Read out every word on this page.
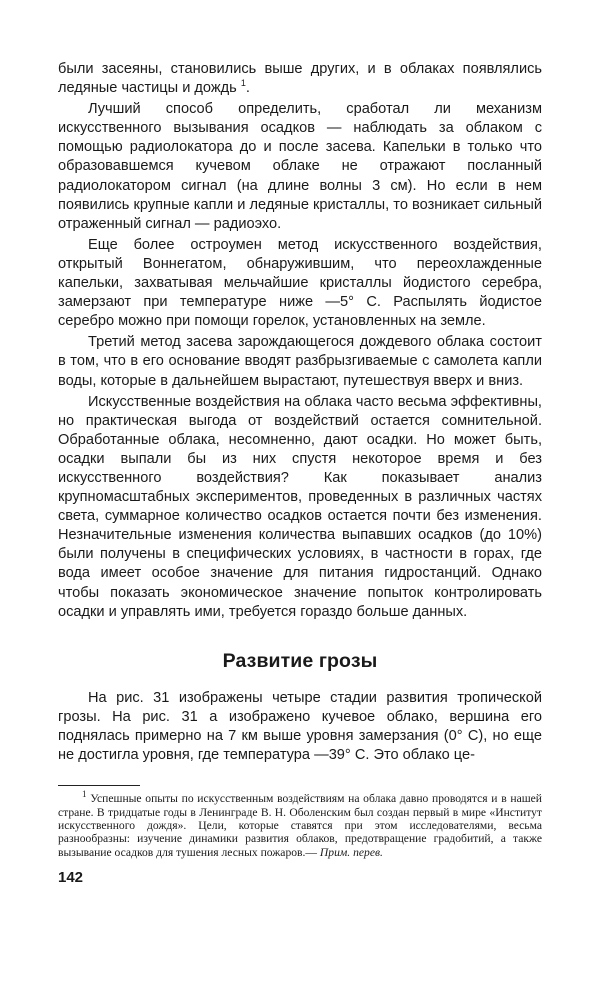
были засеяны, становились выше других, и в облаках появлялись ледяные частицы и дождь $^1$.

Лучший способ определить, сработал ли механизм искусственного вызывания осадков — наблюдать за облаком с помощью радиолокатора до и после засева. Капельки в только что образовавшемся кучевом облаке не отражают посланный радиолокатором сигнал (на длине волны 3 см). Но если в нем появились крупные капли и ледяные кристаллы, то возникает сильный отраженный сигнал — радиоэхо.

Еще более остроумен метод искусственного воздействия, открытый Воннегатом, обнаружившим, что переохлажденные капельки, захватывая мельчайшие кристаллы йодистого серебра, замерзают при температуре ниже —5° С. Распылять йодистое серебро можно при помощи горелок, установленных на земле.

Третий метод засева зарождающегося дождевого облака состоит в том, что в его основание вводят разбрызгиваемые с самолета капли воды, которые в дальнейшем вырастают, путешествуя вверх и вниз.

Искусственные воздействия на облака часто весьма эффективны, но практическая выгода от воздействий остается сомнительной. Обработанные облака, несомненно, дают осадки. Но может быть, осадки выпали бы из них спустя некоторое время и без искусственного воздействия? Как показывает анализ крупномасштабных экспериментов, проведенных в различных частях света, суммарное количество осадков остается почти без изменения. Незначительные изменения количества выпавших осадков (до 10%) были получены в специфических условиях, в частности в горах, где вода имеет особое значение для питания гидростанций. Однако чтобы показать экономическое значение попыток контролировать осадки и управлять ими, требуется гораздо больше данных.

Развитие грозы

На рис. 31 изображены четыре стадии развития тропической грозы. На рис. 31 а изображено кучевое облако, вершина его поднялась примерно на 7 км выше уровня замерзания (0° С), но еще не достигла уровня, где температура —39° С. Это облако це-

$^1$ Успешные опыты по искусственным воздействиям на облака давно проводятся и в нашей стране. В тридцатые годы в Ленинграде В. Н. Оболенским был создан первый в мире «Институт искусственного дождя». Цели, которые ставятся при этом исследователями, весьма разнообразны: изучение динамики развития облаков, предотвращение градобитий, а также вызывание осадков для тушения лесных пожаров.— Прим. перев.

142
